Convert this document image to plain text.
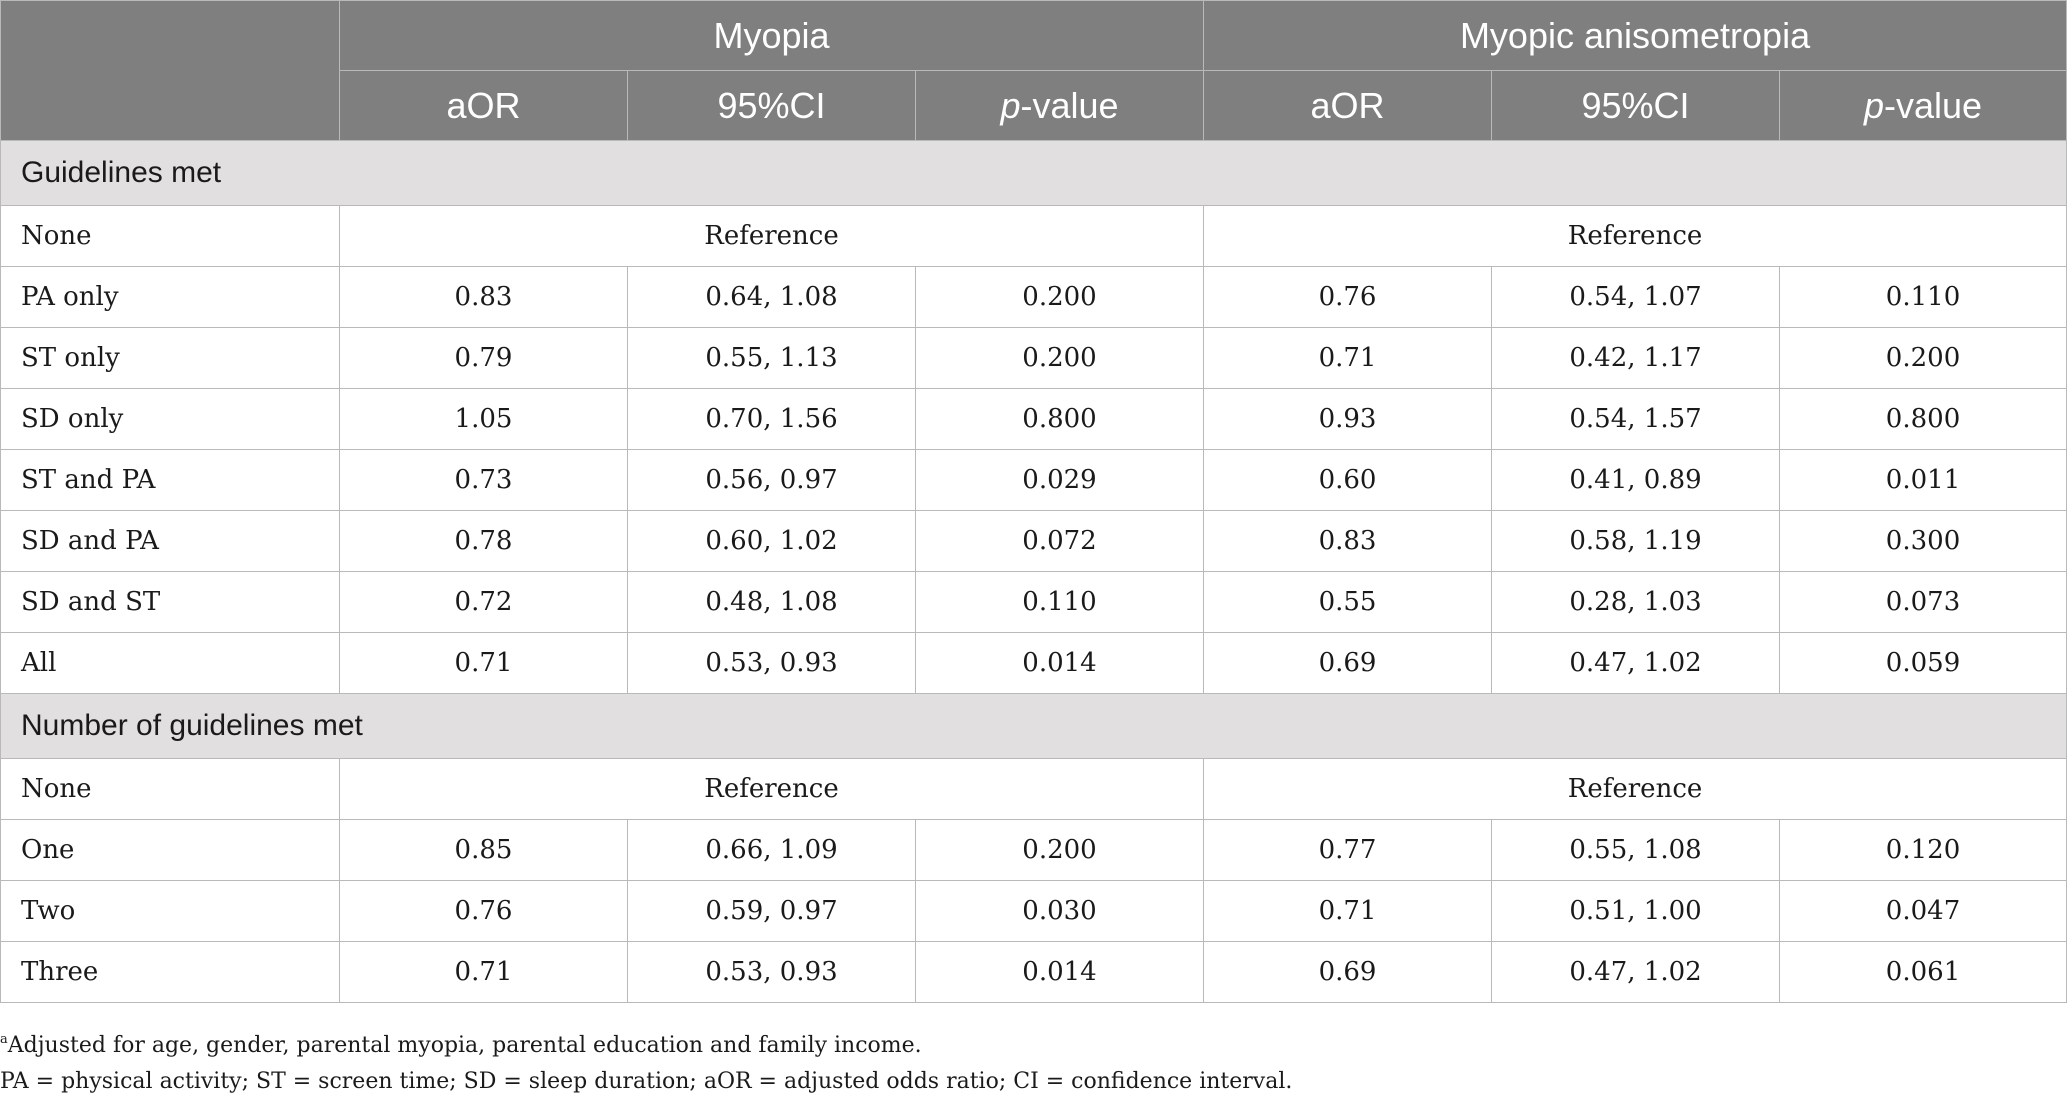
	Myopia			Myopic anisometropia		
	aOR	95%CI	p-value	aOR	95%CI	p-value
Guidelines met						
None	Reference			Reference		
PA only	0.83	0.64, 1.08	0.200	0.76	0.54, 1.07	0.110
ST only	0.79	0.55, 1.13	0.200	0.71	0.42, 1.17	0.200
SD only	1.05	0.70, 1.56	0.800	0.93	0.54, 1.57	0.800
ST and PA	0.73	0.56, 0.97	0.029	0.60	0.41, 0.89	0.011
SD and PA	0.78	0.60, 1.02	0.072	0.83	0.58, 1.19	0.300
SD and ST	0.72	0.48, 1.08	0.110	0.55	0.28, 1.03	0.073
All	0.71	0.53, 0.93	0.014	0.69	0.47, 1.02	0.059
Number of guidelines met						
None	Reference			Reference		
One	0.85	0.66, 1.09	0.200	0.77	0.55, 1.08	0.120
Two	0.76	0.59, 0.97	0.030	0.71	0.51, 1.00	0.047
Three	0.71	0.53, 0.93	0.014	0.69	0.47, 1.02	0.061
$^a$Adjusted for age, gender, parental myopia, parental education and family income.
PA = physical activity; ST = screen time; SD = sleep duration; aOR = adjusted odds ratio; CI = confidence interval.
